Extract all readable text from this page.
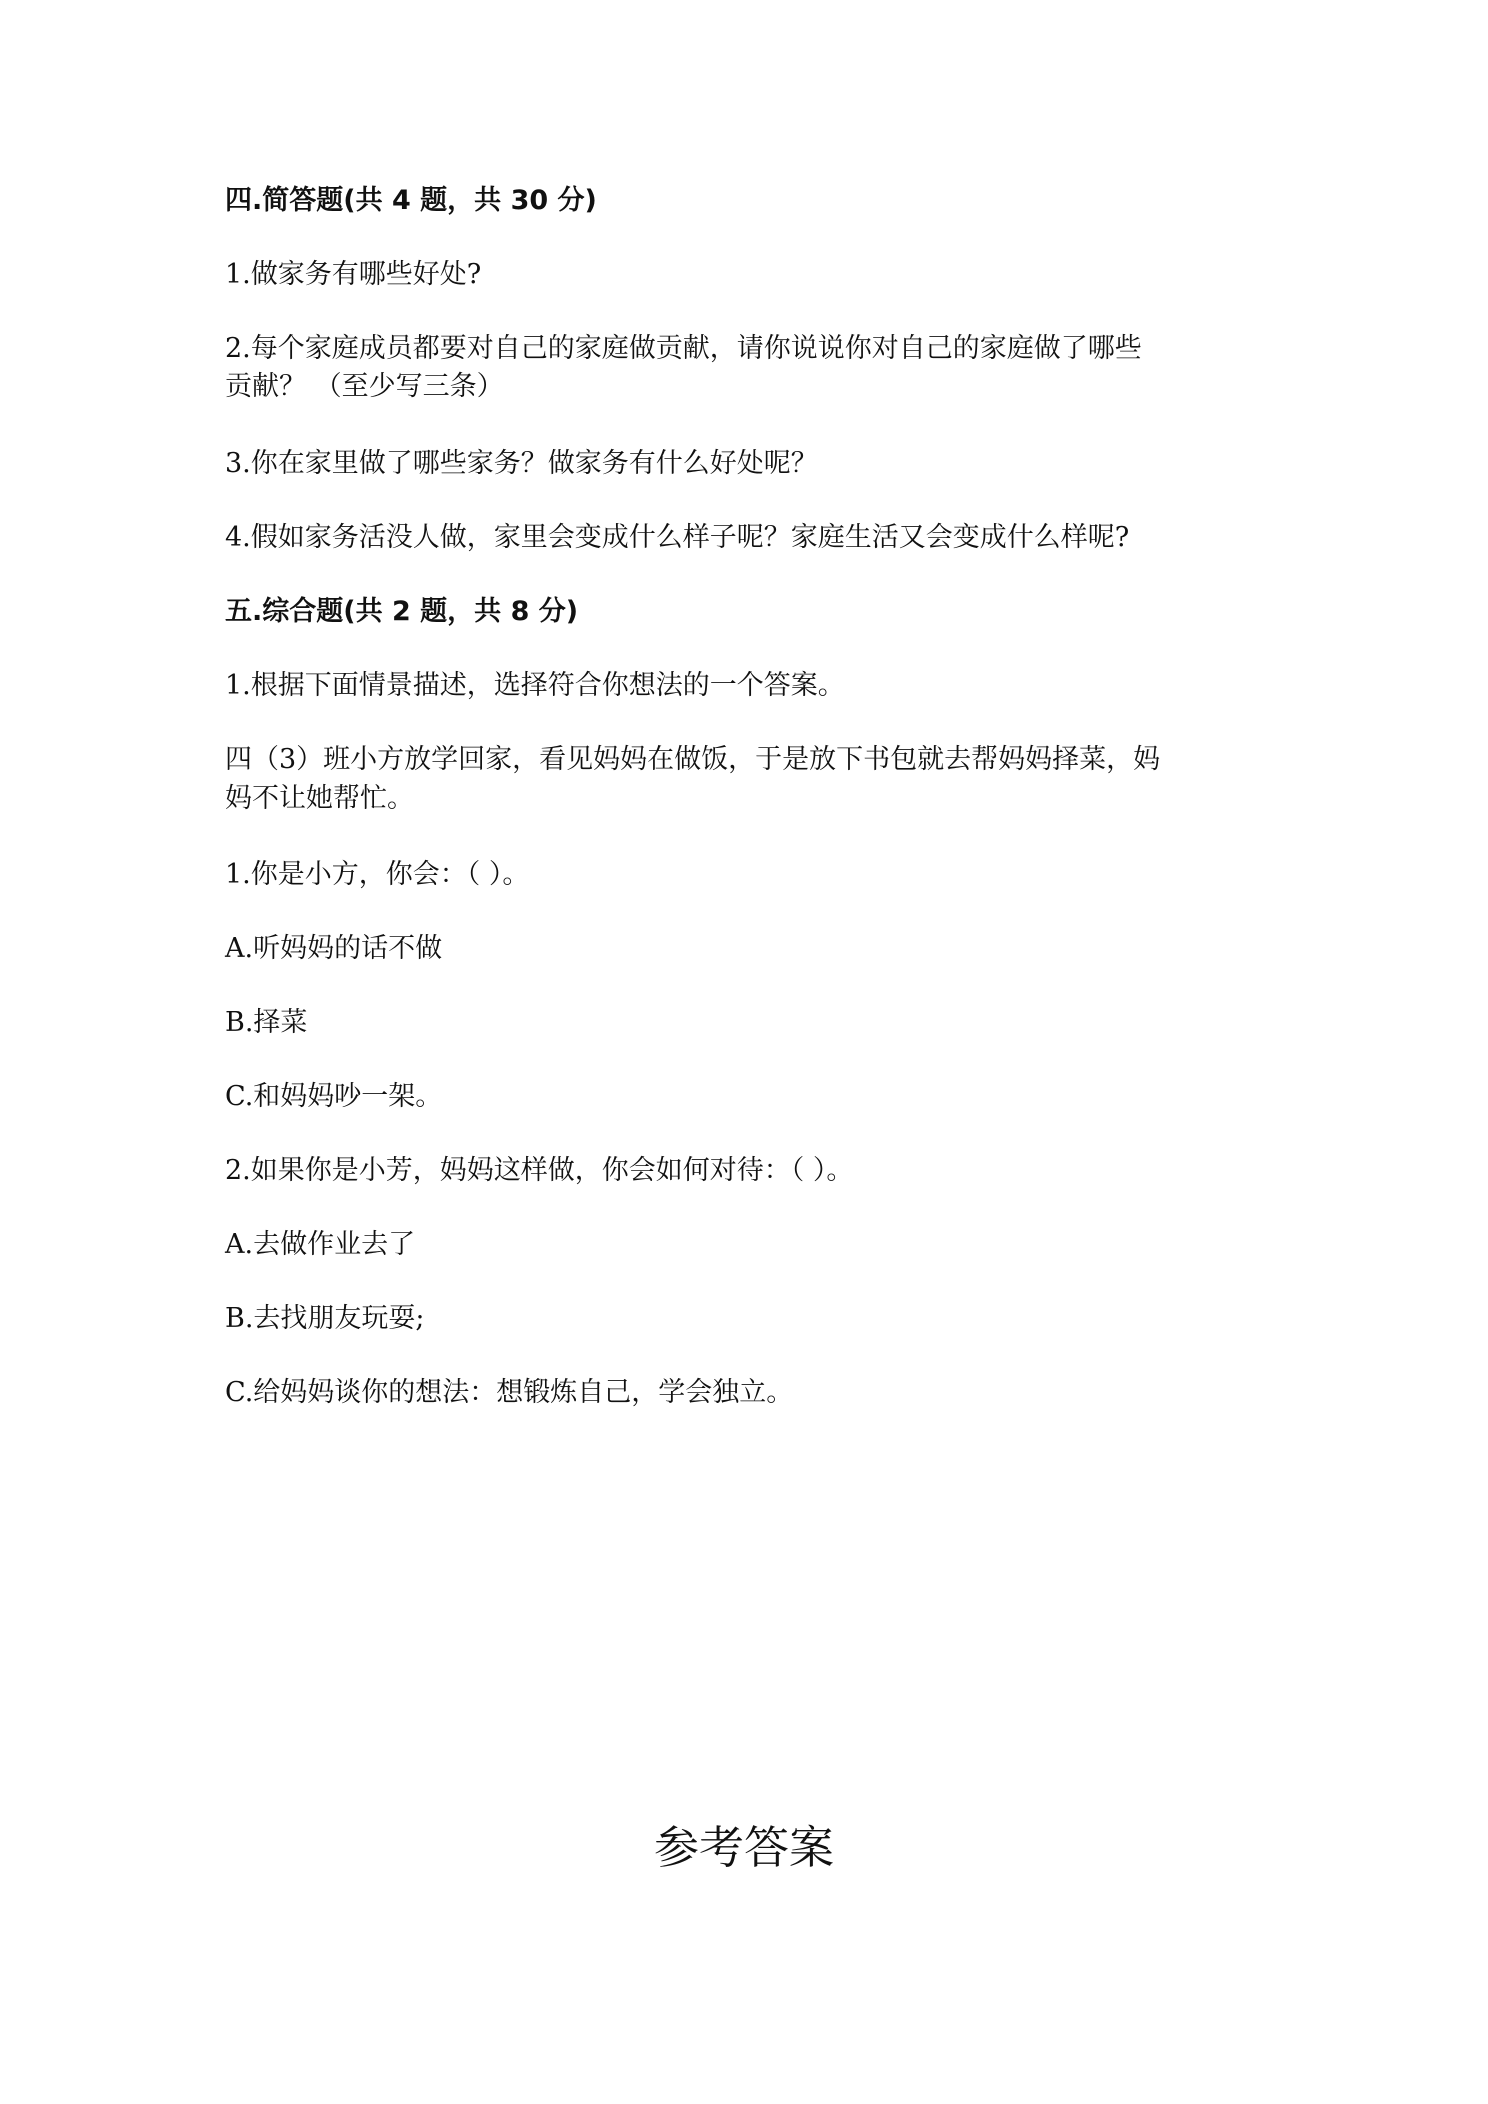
四.简答题(共 4 题，共 30 分)
1.做家务有哪些好处?
2.每个家庭成员都要对自己的家庭做贡献，请你说说你对自己的家庭做了哪些
贡献？ （至少写三条）
3.你在家里做了哪些家务？做家务有什么好处呢？
4.假如家务活没人做，家里会变成什么样子呢？家庭生活又会变成什么样呢?
五.综合题(共 2 题，共 8 分)
1.根据下面情景描述，选择符合你想法的一个答案。
四（3）班小方放学回家，看见妈妈在做饭，于是放下书包就去帮妈妈择菜，妈
妈不让她帮忙。
1.你是小方，你会：（ ）。
A.听妈妈的话不做
B.择菜
C.和妈妈吵一架。
2.如果你是小芳，妈妈这样做，你会如何对待：（ ）。
A.去做作业去了
B.去找朋友玩耍;
C.给妈妈谈你的想法：想锻炼自己，学会独立。
参考答案
